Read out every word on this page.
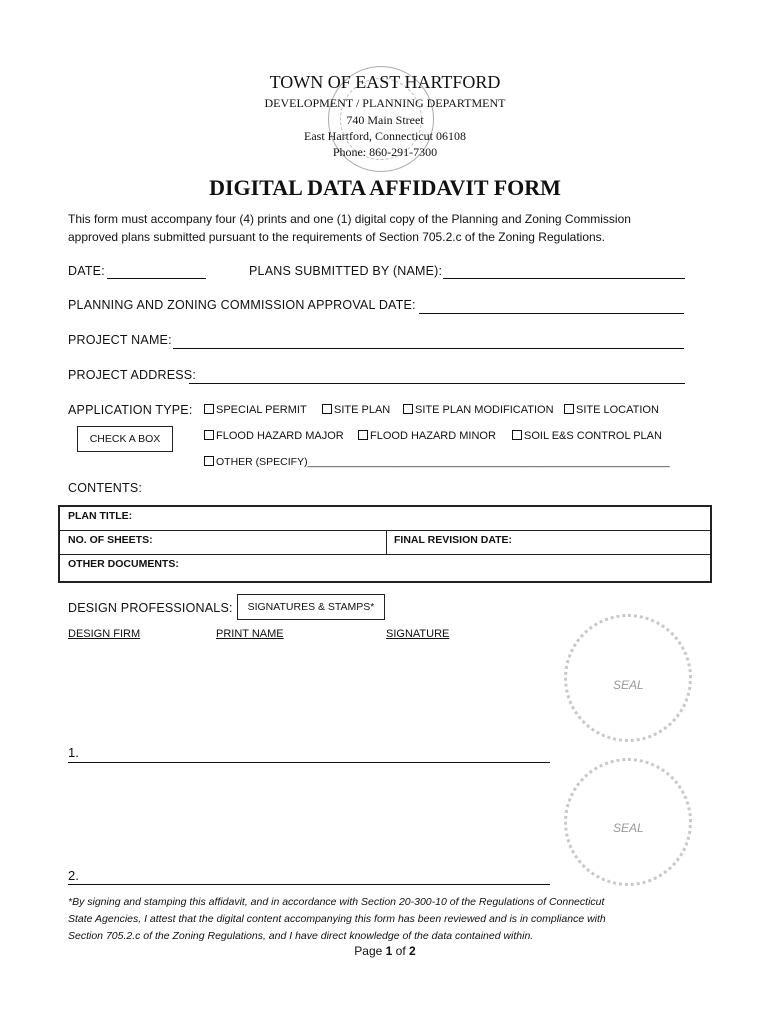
TOWN OF EAST HARTFORD
DEVELOPMENT / PLANNING DEPARTMENT
740 Main Street
East Hartford, Connecticut 06108
Phone: 860-291-7300
DIGITAL DATA AFFIDAVIT FORM
This form must accompany four (4) prints and one (1) digital copy of the Planning and Zoning Commission
approved plans submitted pursuant to the requirements of Section 705.2.c of the Zoning Regulations.
DATE:	PLANS SUBMITTED BY (NAME):
PLANNING AND ZONING COMMISSION APPROVAL DATE:
PROJECT NAME:
PROJECT ADDRESS:
APPLICATION TYPE:	SPECIAL PERMIT	SITE PLAN	SITE PLAN MODIFICATION	SITE LOCATION
CHECK A BOX	FLOOD HAZARD MAJOR	FLOOD HAZARD MINOR	SOIL E&S CONTROL PLAN
OTHER (SPECIFY)______________________________________________________________
CONTENTS:
PLAN TITLE:
NO. OF SHEETS:	FINAL REVISION DATE:
OTHER DOCUMENTS:
DESIGN PROFESSIONALS:	SIGNATURES & STAMPS*
DESIGN FIRM	PRINT NAME	SIGNATURE
SEAL
SEAL
1.
2.
*By signing and stamping this affidavit, and in accordance with Section 20-300-10 of the Regulations of Connecticut
State Agencies, I attest that the digital content accompanying this form has been reviewed and is in compliance with
Section 705.2.c of the Zoning Regulations, and I have direct knowledge of the data contained within.
Page 1 of 2
